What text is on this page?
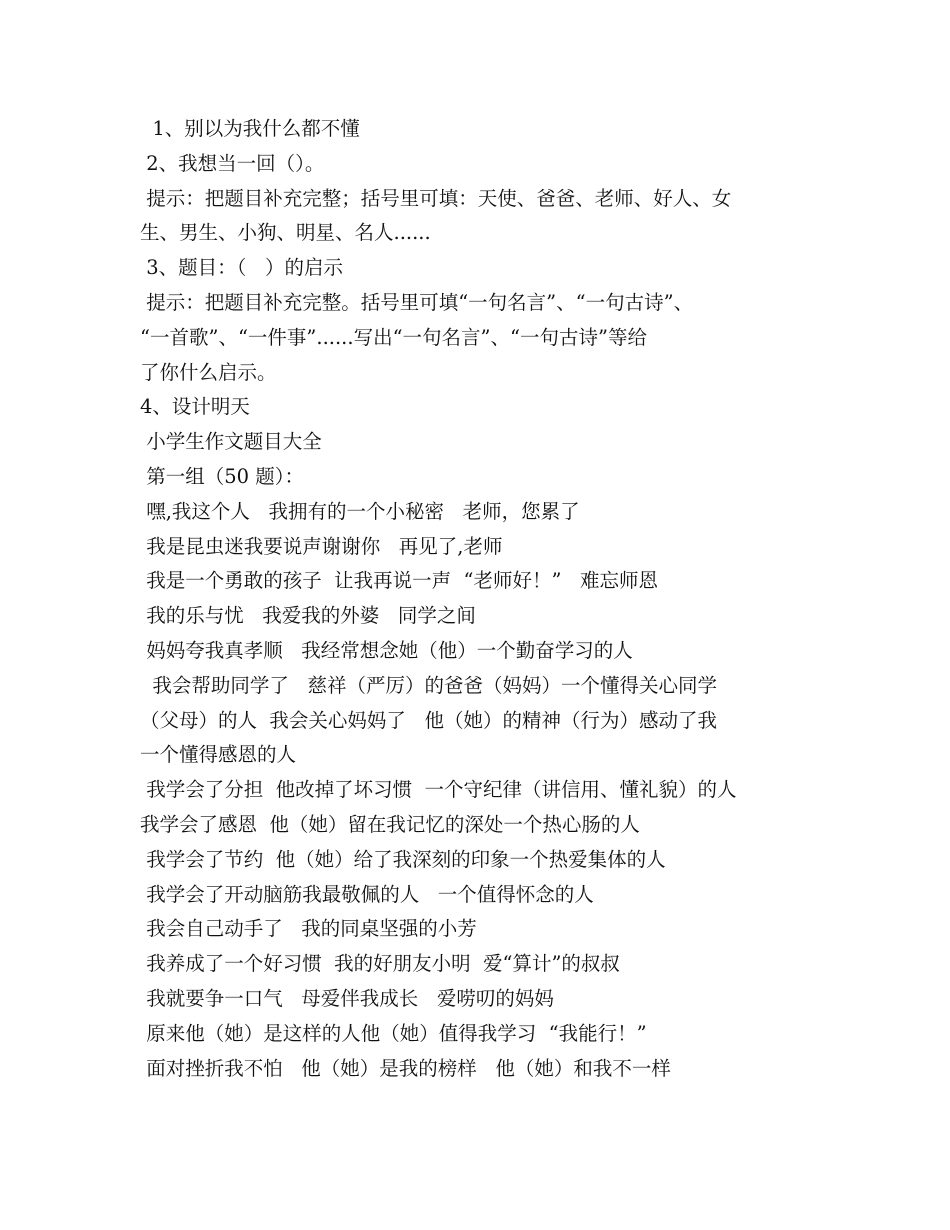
1、别以为我什么都不懂
2、我想当一回（）。
提示：把题目补充完整；括号里可填：天使、爸爸、老师、好人、女
生、男生、小狗、明星、名人......
3、题目：（   ）的启示
提示：把题目补充完整。括号里可填“一句名言”、“一句古诗”、
“一首歌”、“一件事”......写出“一句名言”、“一句古诗”等给
了你什么启示。
4、设计明天
小学生作文题目大全
第一组（50 题）：
嘿,我这个人   我拥有的一个小秘密   老师，您累了
我是昆虫迷我要说声谢谢你   再见了,老师
我是一个勇敢的孩子  让我再说一声  “老师好！”   难忘师恩
我的乐与忧   我爱我的外婆   同学之间
妈妈夸我真孝顺   我经常想念她（他）一个勤奋学习的人
我会帮助同学了   慈祥（严厉）的爸爸（妈妈）一个懂得关心同学
（父母）的人  我会关心妈妈了   他（她）的精神（行为）感动了我
一个懂得感恩的人
我学会了分担  他改掉了坏习惯  一个守纪律（讲信用、懂礼貌）的人
我学会了感恩  他（她）留在我记忆的深处一个热心肠的人
我学会了节约  他（她）给了我深刻的印象一个热爱集体的人
我学会了开动脑筋我最敬佩的人   一个值得怀念的人
我会自己动手了   我的同桌坚强的小芳
我养成了一个好习惯  我的好朋友小明  爱“算计”的叔叔
我就要争一口气   母爱伴我成长   爱唠叨的妈妈
原来他（她）是这样的人他（她）值得我学习  “我能行！”
面对挫折我不怕   他（她）是我的榜样   他（她）和我不一样
